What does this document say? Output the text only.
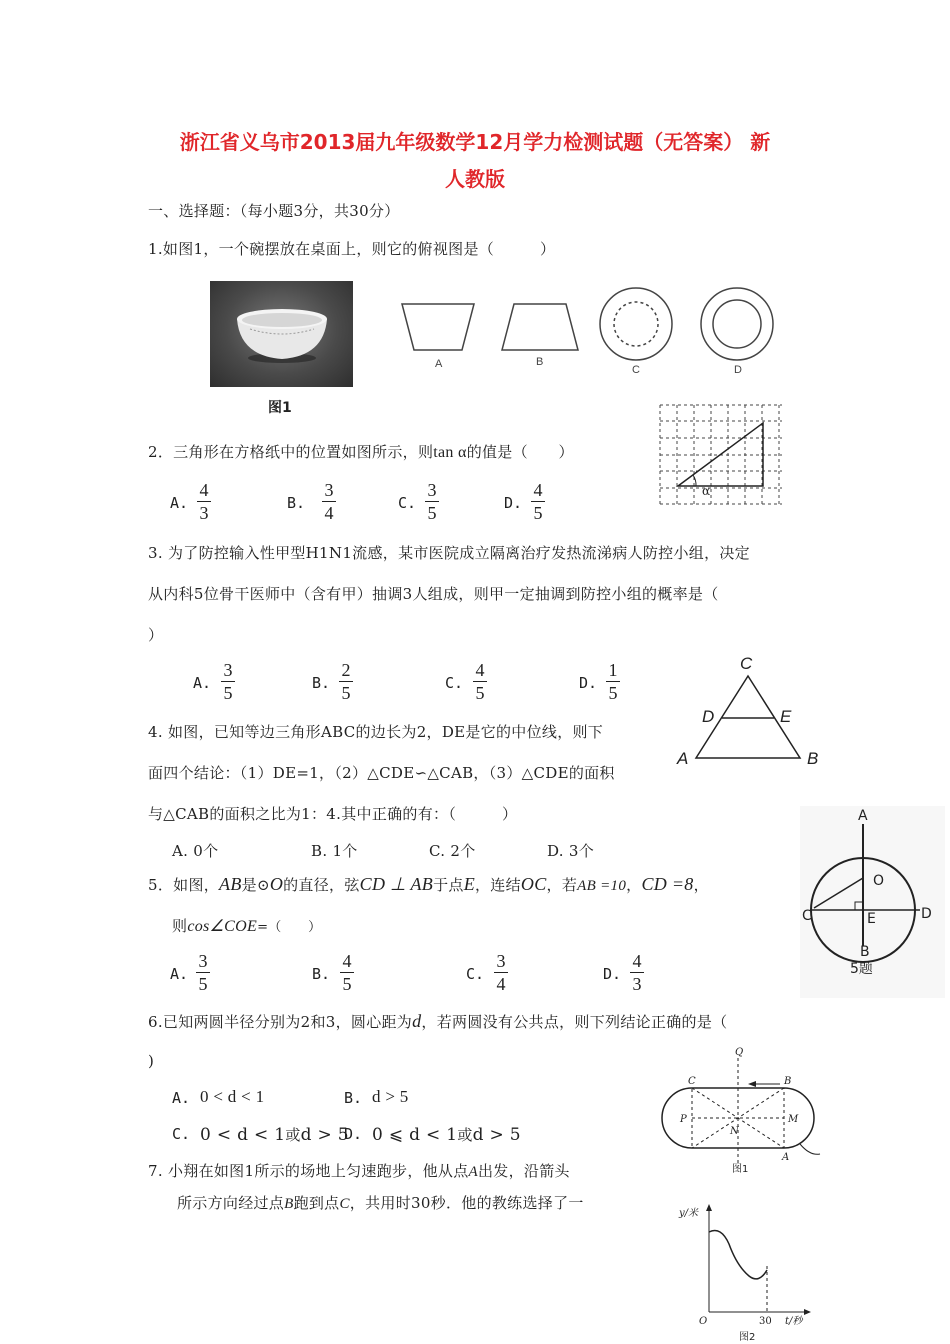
浙江省义乌市2013届九年级数学12月学力检测试题（无答案） 新
人教版
一、选择题：（每小题3分，共30分）
1.如图1，一个碗摆放在桌面上，则它的俯视图是（　　　）
图1
A	B
C	D
2．三角形在方格纸中的位置如图所示，则tan α的值是（　　）
α
A.
4
3	B.
3
4	C.
3
5	D.
4
5
3. 为了防控输入性甲型H1N1流感，某市医院成立隔离治疗发热流涕病人防控小组，决定
从内科5位骨干医师中（含有甲）抽调3人组成，则甲一定抽调到防控小组的概率是（
）
A.
3
5	B.
2
5	C.
4
5	D.
1
5
C
D	E
A	B
4. 如图，已知等边三角形ABC的边长为2，DE是它的中位线，则下
面四个结论：（1）DE=1，（2）△CDE∽△CAB，（3）△CDE的面积
与△CAB的面积之比为1：4.其中正确的有：（　　　）
A. 0个	B. 1个	C. 2个	D. 3个
A
O
C	E	D
B
5题
5．如图，AB是⊙O的直径，弦CD ⊥ AB于点E，连结OC，若AB =10，CD =8，
则cos∠COE=（　　）
A.
3
5	B.
4
5	C.
3
4	D.
4
3
6.已知两圆半径分别为2和3，圆心距为d，若两圆没有公共点，则下列结论正确的是（
)
A. 0 < d < 1	B. d > 5
C. 0 < d < 1或d > 5
D. 0 ⩽ d < 1或d > 5
Q
C	B
P	M
N
A
图1
7. 小翔在如图1所示的场地上匀速跑步，他从点A出发，沿箭头
所示方向经过点B跑到点C，共用时30秒．他的教练选择了一
y/米
t/秒
O	30
图2
